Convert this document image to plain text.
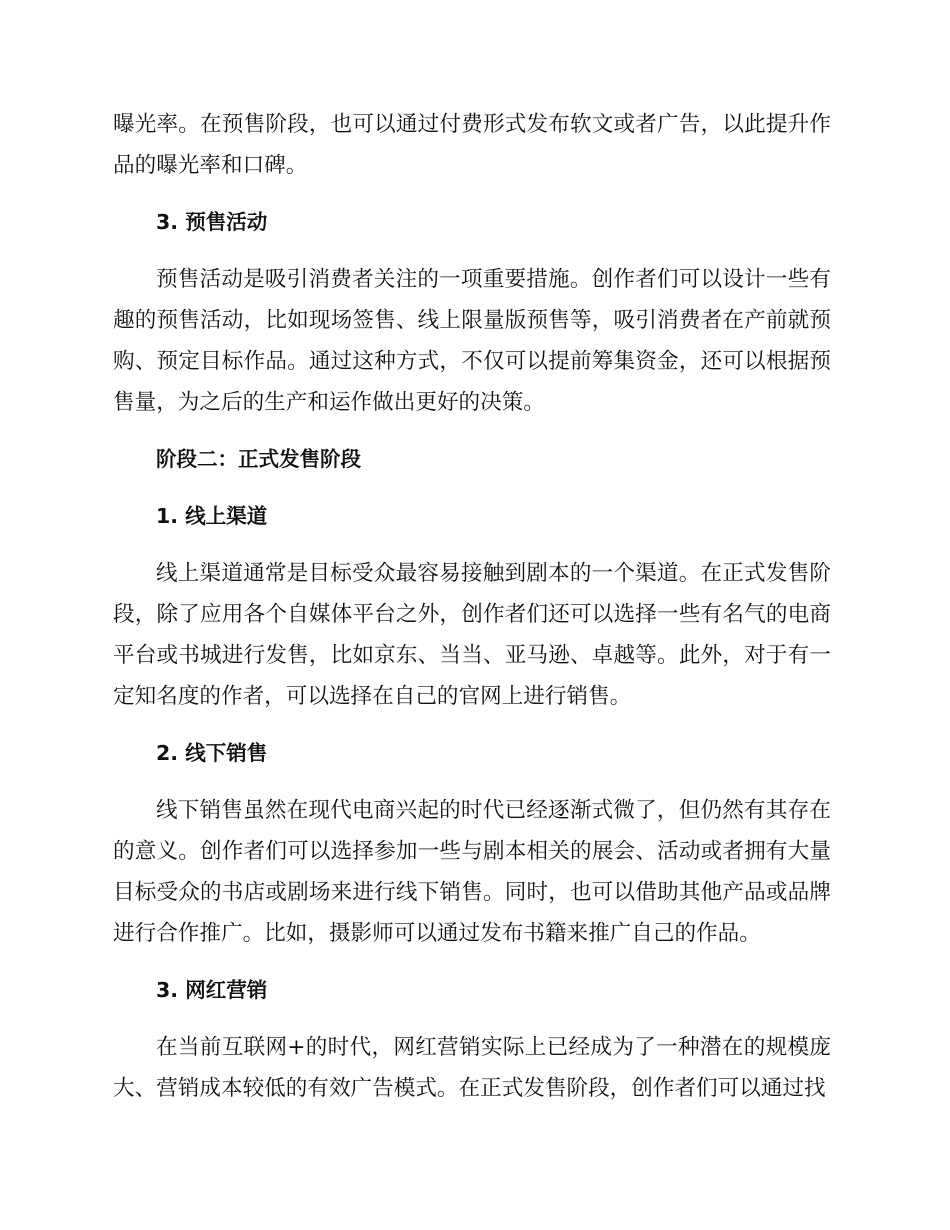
曝光率。在预售阶段，也可以通过付费形式发布软文或者广告，以此提升作品的曝光率和口碑。

3. 预售活动

预售活动是吸引消费者关注的一项重要措施。创作者们可以设计一些有趣的预售活动，比如现场签售、线上限量版预售等，吸引消费者在产前就预购、预定目标作品。通过这种方式，不仅可以提前筹集资金，还可以根据预售量，为之后的生产和运作做出更好的决策。

阶段二：正式发售阶段

1. 线上渠道

线上渠道通常是目标受众最容易接触到剧本的一个渠道。在正式发售阶段，除了应用各个自媒体平台之外，创作者们还可以选择一些有名气的电商平台或书城进行发售，比如京东、当当、亚马逊、卓越等。此外，对于有一定知名度的作者，可以选择在自己的官网上进行销售。

2. 线下销售

线下销售虽然在现代电商兴起的时代已经逐渐式微了，但仍然有其存在的意义。创作者们可以选择参加一些与剧本相关的展会、活动或者拥有大量目标受众的书店或剧场来进行线下销售。同时，也可以借助其他产品或品牌进行合作推广。比如，摄影师可以通过发布书籍来推广自己的作品。

3. 网红营销

在当前互联网+的时代，网红营销实际上已经成为了一种潜在的规模庞大、营销成本较低的有效广告模式。在正式发售阶段，创作者们可以通过找
